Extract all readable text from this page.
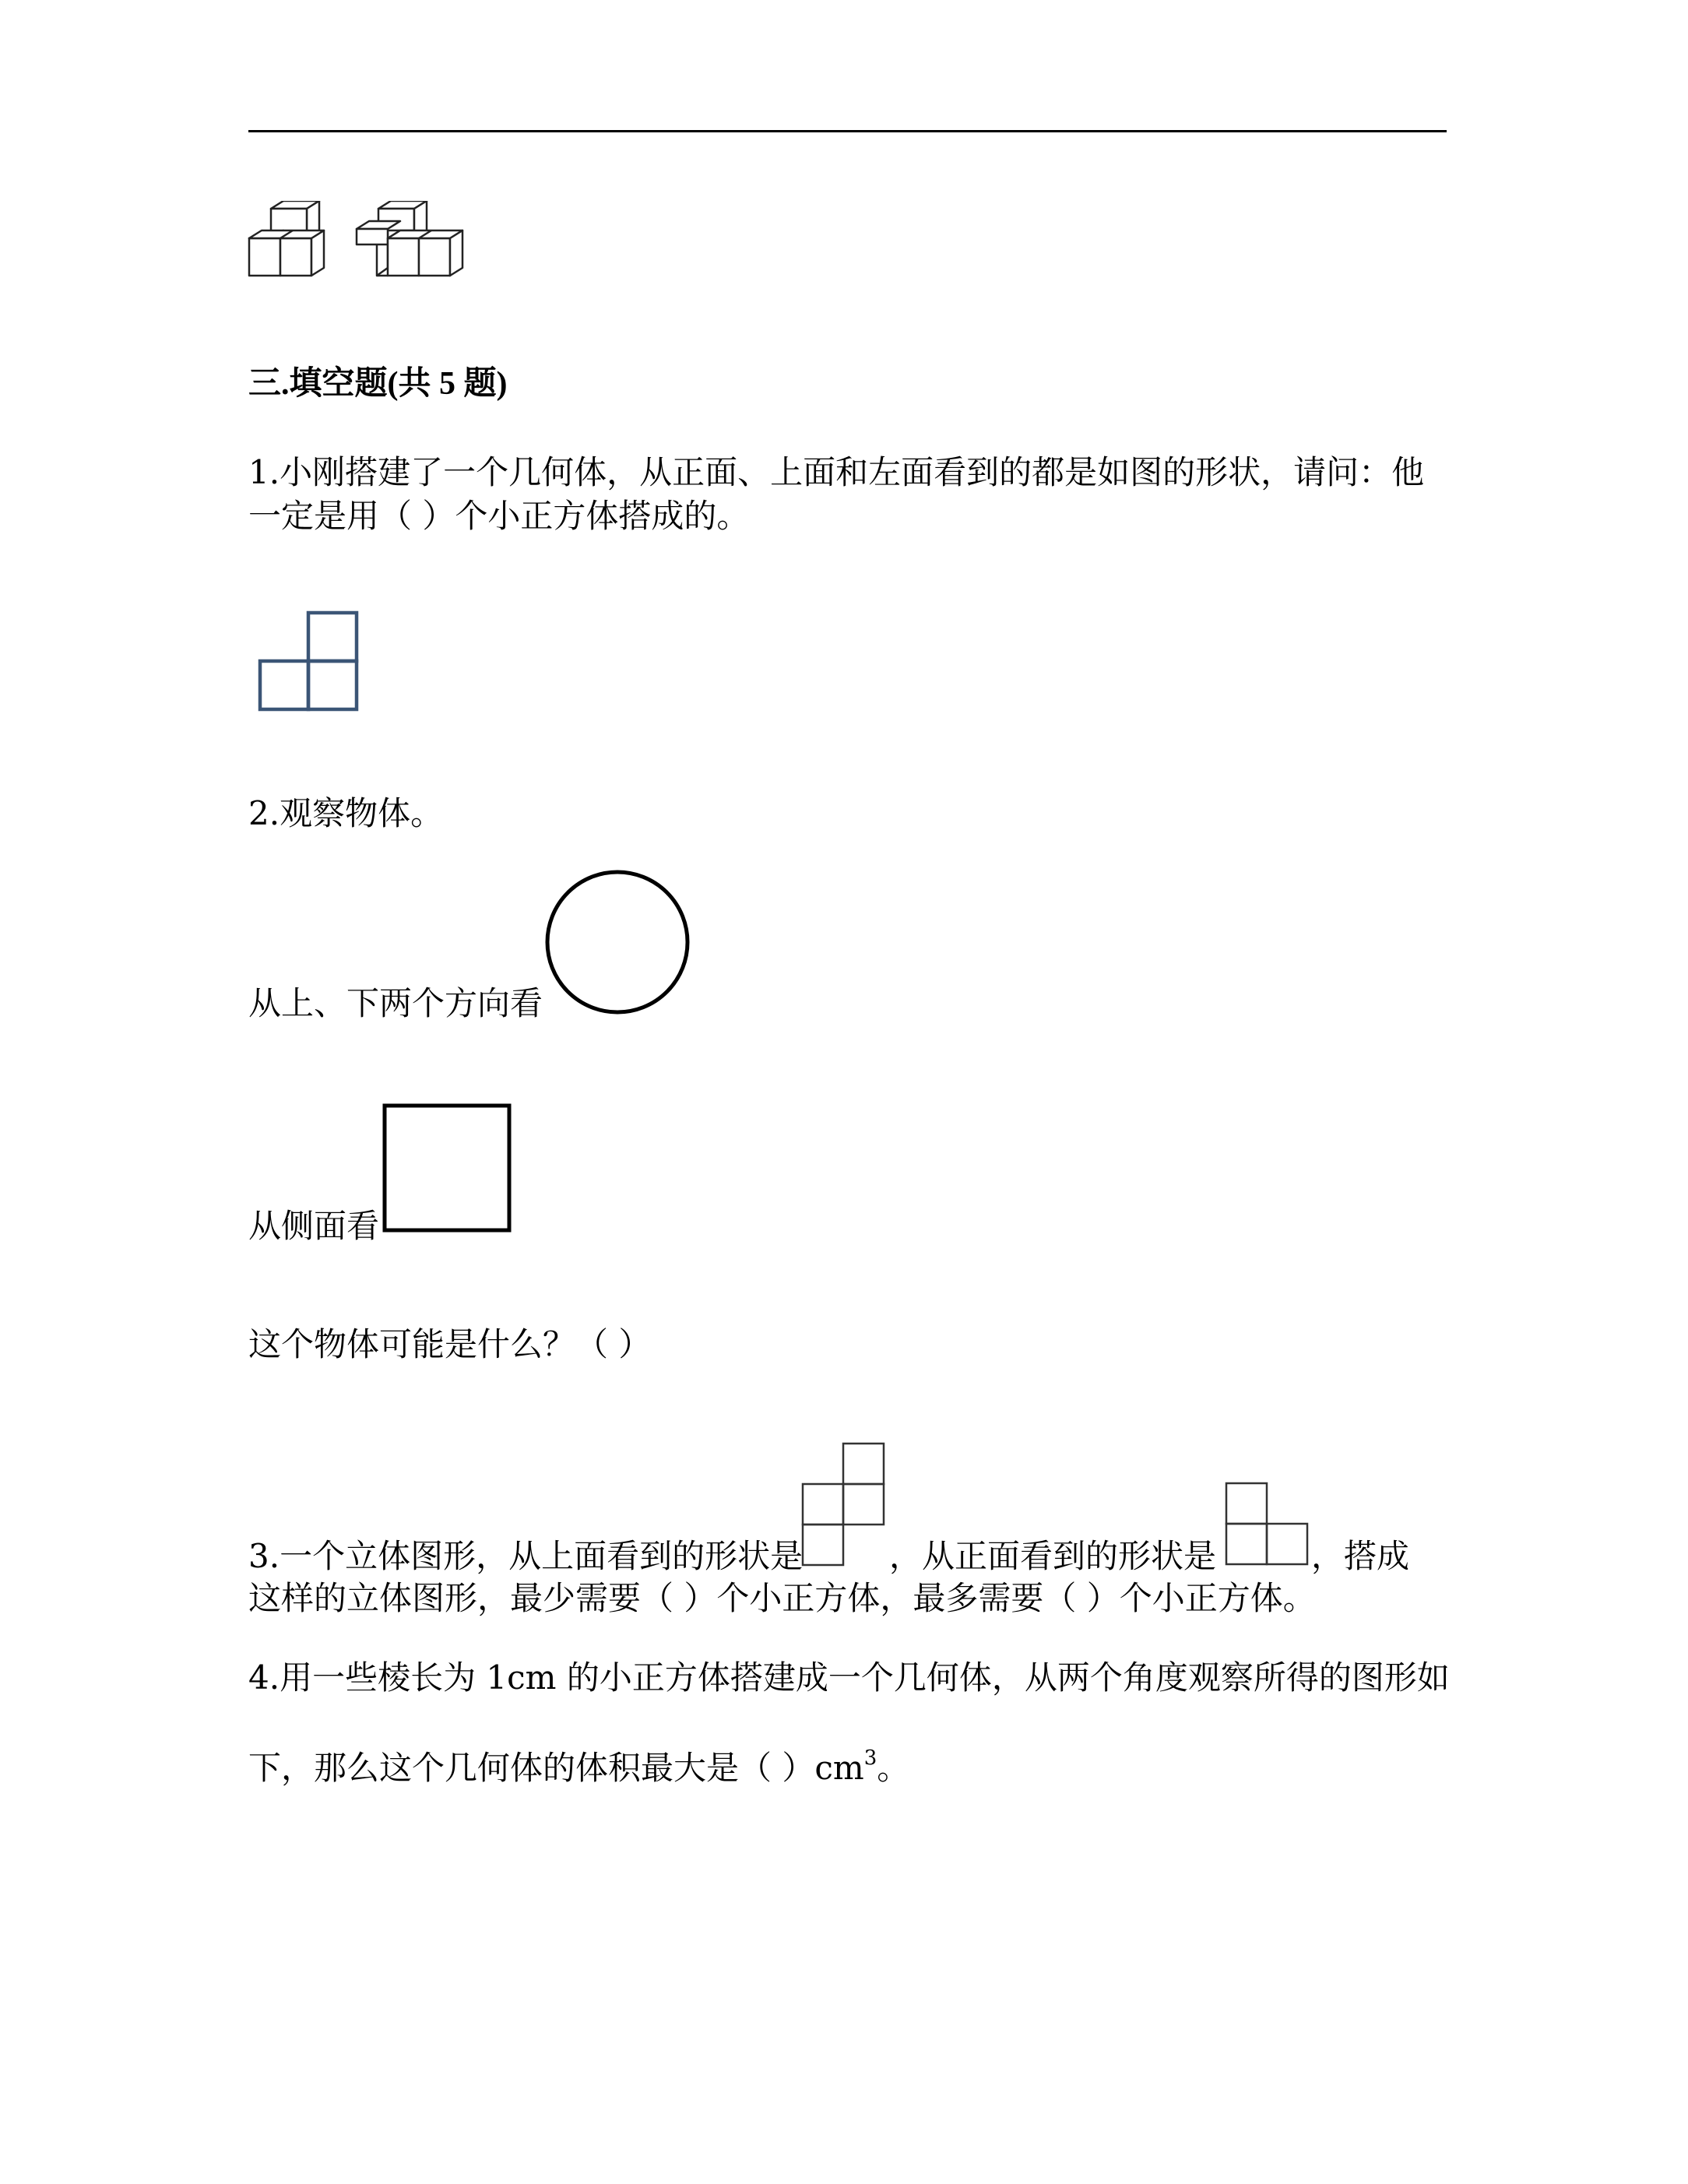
三.填空题(共 5 题)
1.小刚搭建了一个几何体，从正面、上面和左面看到的都是如图的形状，请问：他
一定是用（ ）个小正方体搭成的。
2.观察物体。
从上、下两个方向看
从侧面看
这个物体可能是什么？（ ）
3.一个立体图形，从上面看到的形状是	，从正面看到的形状是	，搭成
这样的立体图形，最少需要（ ）个小正方体，最多需要（ ）个小正方体。
4.用一些棱长为 1cm 的小正方体搭建成一个几何体，从两个角度观察所得的图形如
下，那么这个几何体的体积最大是（ ）$cm^3$。
